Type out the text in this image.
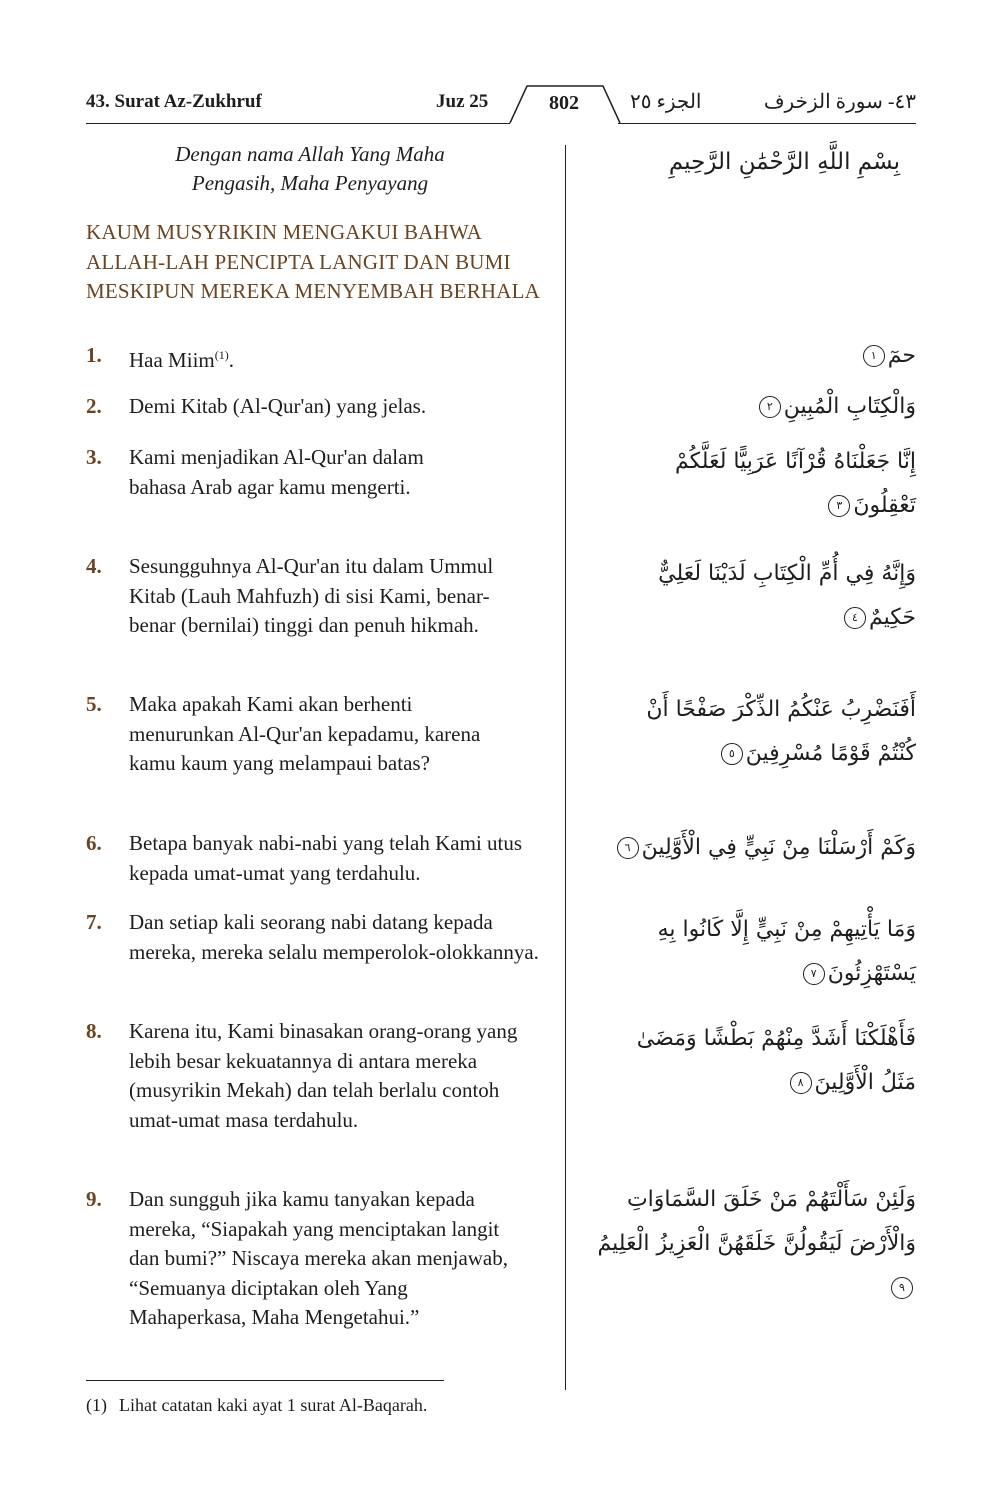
43. Surat Az-Zukhruf	Juz 25	الجزء ٢٥	٤٣- سورة الزخرف
802
Dengan nama Allah Yang Maha
Pengasih, Maha Penyayang
بِسْمِ اللَّهِ الرَّحْمَٰنِ الرَّحِيمِ
KAUM MUSYRIKIN MENGAKUI BAHWA ALLAH-LAH PENCIPTA LANGIT DAN BUMI MESKIPUN MEREKA MENYEMBAH BERHALA
1. Haa Miim$^{(1)}$.
2. Demi Kitab (Al-Qur'an) yang jelas.
3. Kami menjadikan Al-Qur'an dalam bahasa Arab agar kamu mengerti.
4. Sesungguhnya Al-Qur'an itu dalam Ummul Kitab (Lauh Mahfuzh) di sisi Kami, benar-benar (bernilai) tinggi dan penuh hikmah.
5. Maka apakah Kami akan berhenti menurunkan Al-Qur'an kepadamu, karena kamu kaum yang melampaui batas?
6. Betapa banyak nabi-nabi yang telah Kami utus kepada umat-umat yang terdahulu.
7. Dan setiap kali seorang nabi datang kepada mereka, mereka selalu memperolok-olokkannya.
8. Karena itu, Kami binasakan orang-orang yang lebih besar kekuatannya di antara mereka (musyrikin Mekah) dan telah berlalu contoh umat-umat masa terdahulu.
9. Dan sungguh jika kamu tanyakan kepada mereka, “Siapakah yang menciptakan langit dan bumi?” Niscaya mereka akan menjawab, “Semuanya diciptakan oleh Yang Mahaperkasa, Maha Mengetahui.”
حمٓ١
وَالْكِتَابِ الْمُبِينِ٢
إِنَّا جَعَلْنَاهُ قُرْآنًا عَرَبِيًّا لَعَلَّكُمْ تَعْقِلُونَ٣
وَإِنَّهُ فِي أُمِّ الْكِتَابِ لَدَيْنَا لَعَلِيٌّ حَكِيمٌ٤
أَفَنَضْرِبُ عَنْكُمُ الذِّكْرَ صَفْحًا أَنْ كُنْتُمْ قَوْمًا مُسْرِفِينَ٥
وَكَمْ أَرْسَلْنَا مِنْ نَبِيٍّ فِي الْأَوَّلِينَ٦
وَمَا يَأْتِيهِمْ مِنْ نَبِيٍّ إِلَّا كَانُوا بِهِ يَسْتَهْزِئُونَ٧
فَأَهْلَكْنَا أَشَدَّ مِنْهُمْ بَطْشًا وَمَضَىٰ مَثَلُ الْأَوَّلِينَ٨
وَلَئِنْ سَأَلْتَهُمْ مَنْ خَلَقَ السَّمَاوَاتِ وَالْأَرْضَ لَيَقُولُنَّ خَلَقَهُنَّ الْعَزِيزُ الْعَلِيمُ٩
(1) Lihat catatan kaki ayat 1 surat Al-Baqarah.
